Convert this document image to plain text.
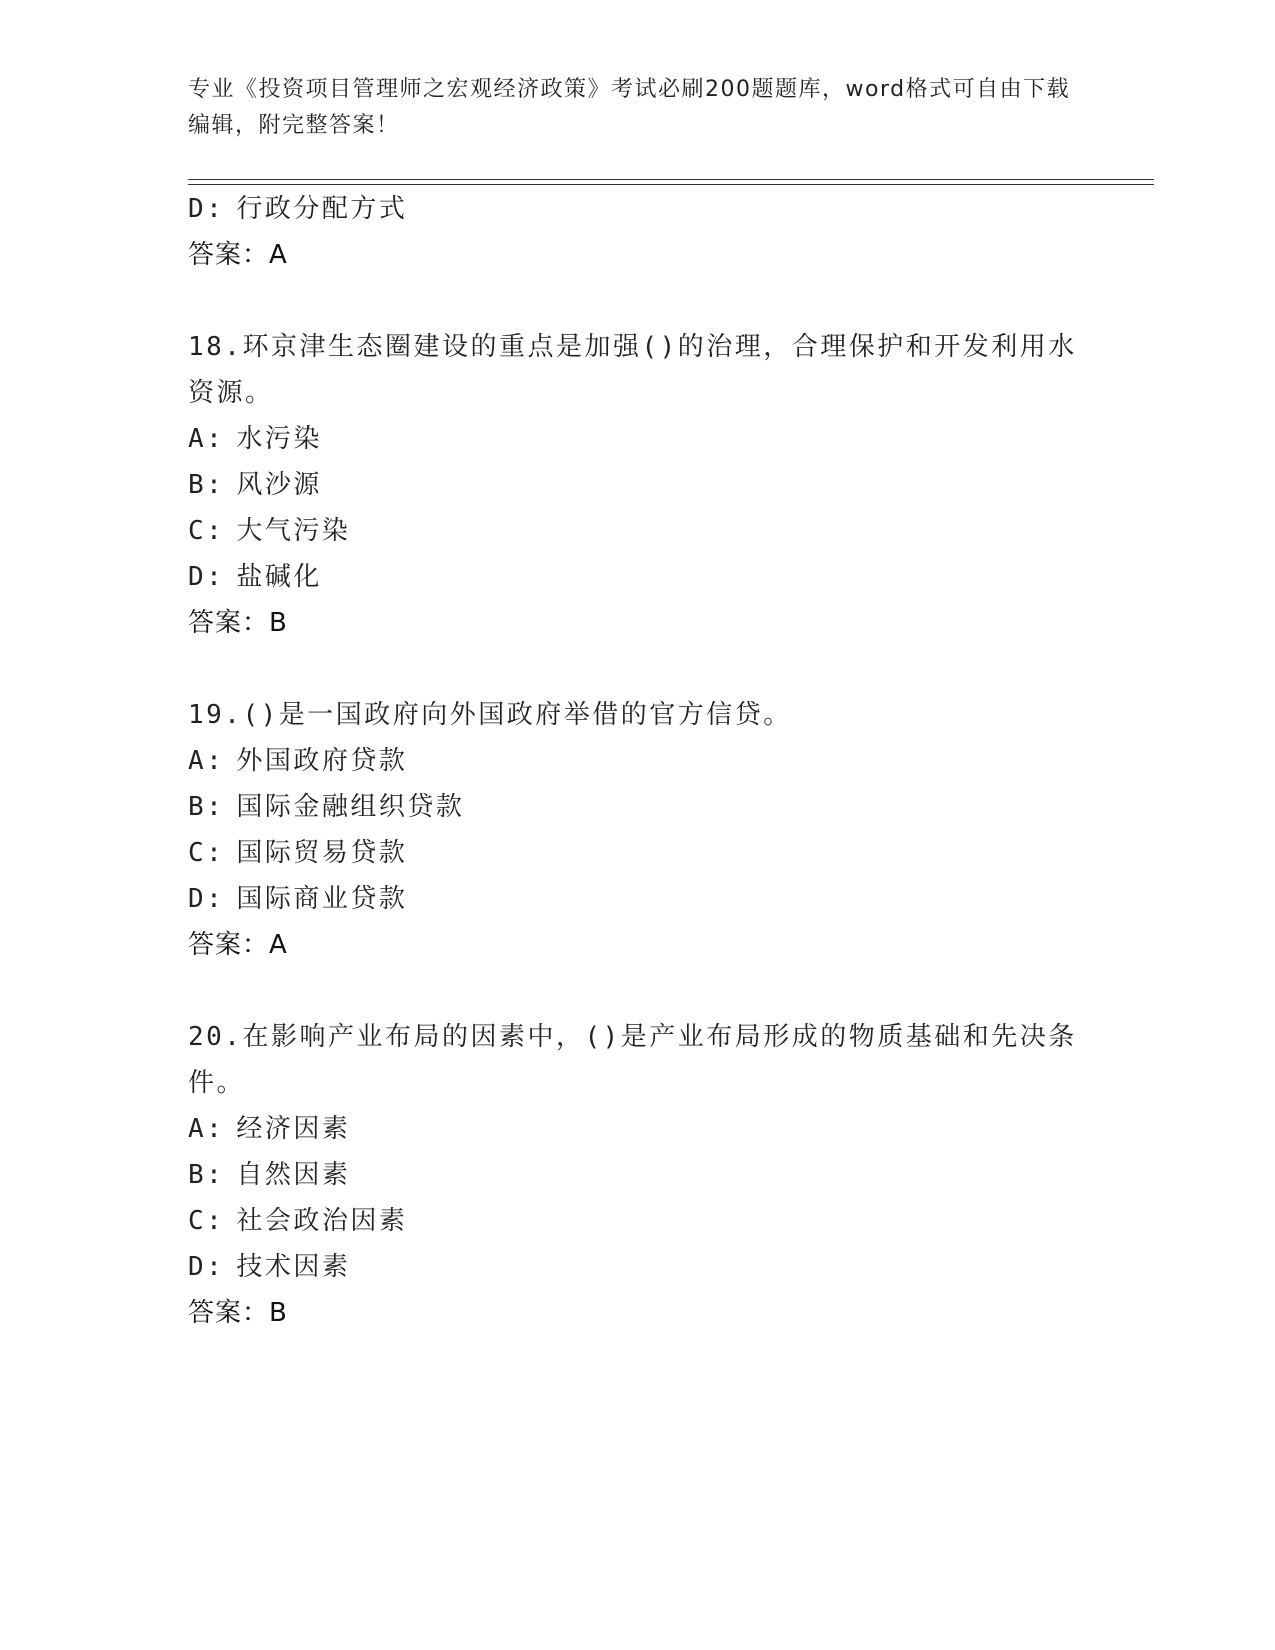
专业《投资项目管理师之宏观经济政策》考试必刷200题题库，word格式可自由下载编辑，附完整答案！
D: 行政分配方式
答案：A
18.环京津生态圈建设的重点是加强()的治理，合理保护和开发利用水资源。
A: 水污染
B: 风沙源
C: 大气污染
D: 盐碱化
答案：B
19.()是一国政府向外国政府举借的官方信贷。
A: 外国政府贷款
B: 国际金融组织贷款
C: 国际贸易贷款
D: 国际商业贷款
答案：A
20.在影响产业布局的因素中，()是产业布局形成的物质基础和先决条件。
A: 经济因素
B: 自然因素
C: 社会政治因素
D: 技术因素
答案：B
